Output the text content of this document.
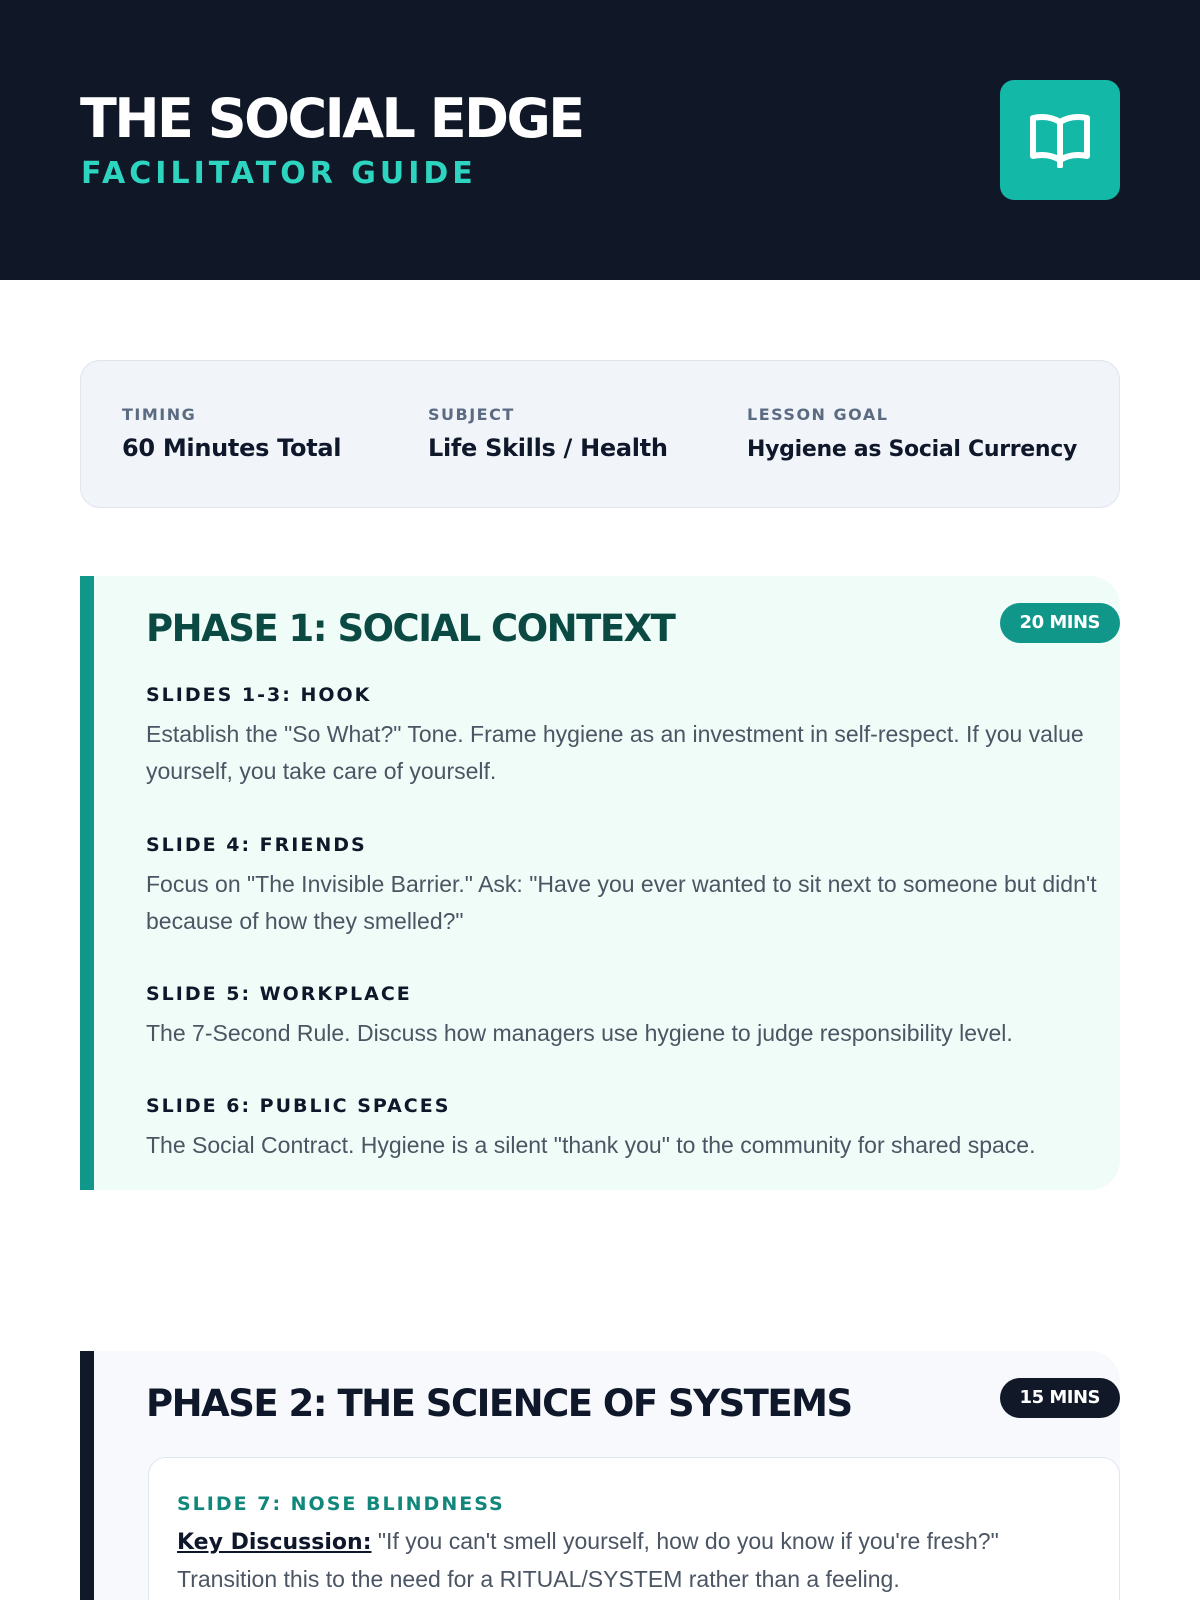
THE SOCIAL EDGE
FACILITATOR GUIDE
TIMING
60 Minutes Total
SUBJECT
Life Skills / Health
LESSON GOAL
Hygiene as Social Currency
PHASE 1: SOCIAL CONTEXT	20 MINS
SLIDES 1-3: HOOK
Establish the "So What?" Tone. Frame hygiene as an investment in self-respect. If you value yourself, you take care of yourself.
SLIDE 4: FRIENDS
Focus on "The Invisible Barrier." Ask: "Have you ever wanted to sit next to someone but didn't because of how they smelled?"
SLIDE 5: WORKPLACE
The 7-Second Rule. Discuss how managers use hygiene to judge responsibility level.
SLIDE 6: PUBLIC SPACES
The Social Contract. Hygiene is a silent "thank you" to the community for shared space.
PHASE 2: THE SCIENCE OF SYSTEMS	15 MINS
SLIDE 7: NOSE BLINDNESS
Key Discussion: "If you can't smell yourself, how do you know if you're fresh?" Transition this to the need for a RITUAL/SYSTEM rather than a feeling.
